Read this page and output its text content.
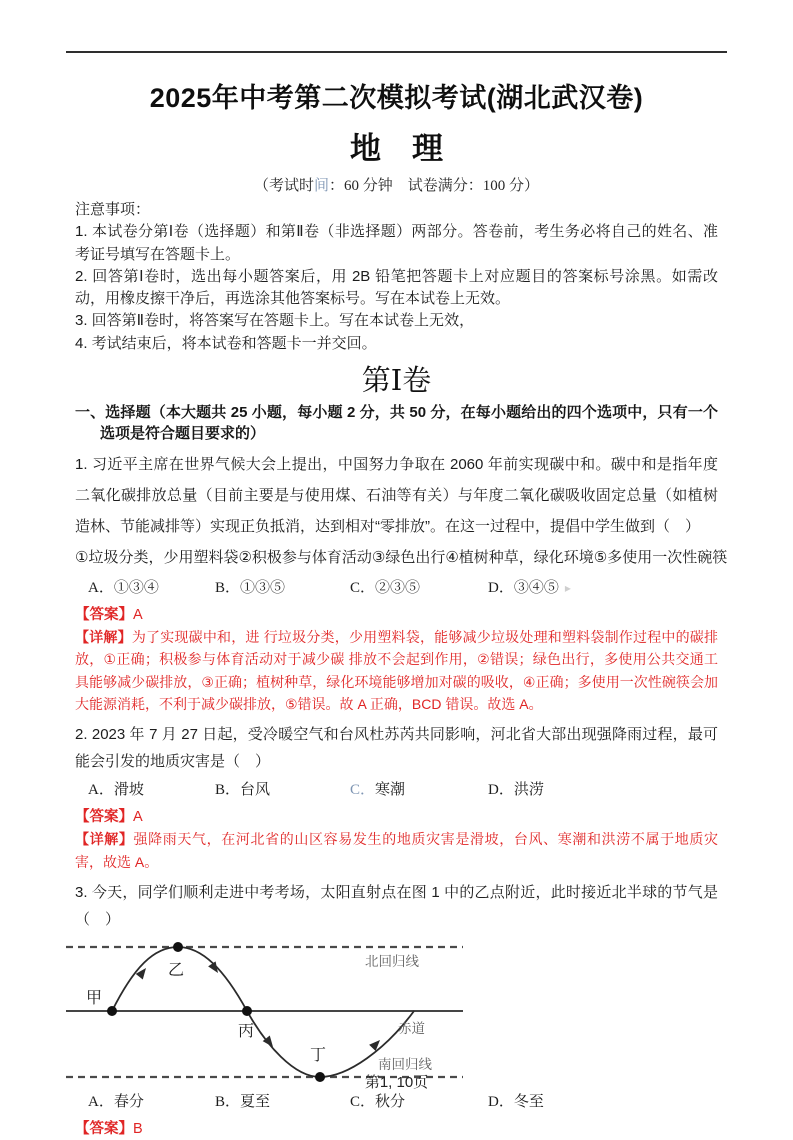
2025年中考第二次模拟考试(湖北武汉卷)
地　理
（考试时间：60 分钟　试卷满分：100 分）
注意事项：
1. 本试卷分第Ⅰ卷（选择题）和第Ⅱ卷（非选择题）两部分。答卷前，考生务必将自己的姓名、准考证号填写在答题卡上。
2. 回答第Ⅰ卷时，选出每小题答案后，用 2B 铅笔把答题卡上对应题目的答案标号涂黑。如需改动，用橡皮擦干净后，再选涂其他答案标号。写在本试卷上无效。
3. 回答第Ⅱ卷时，将答案写在答题卡上。写在本试卷上无效，
4. 考试结束后，将本试卷和答题卡一并交回。
第Ⅰ卷
一、选择题（本大题共 25 小题，每小题 2 分，共 50 分，在每小题给出的四个选项中，只有一个选项是符合题目要求的）
1. 习近平主席在世界气候大会上提出，中国努力争取在 2060 年前实现碳中和。碳中和是指年度二氧化碳排放总量（目前主要是与使用煤、石油等有关）与年度二氧化碳吸收固定总量（如植树造林、节能减排等）实现正负抵消，达到相对“零排放”。在这一过程中，提倡中学生做到（　）
①垃圾分类，少用塑料袋②积极参与体育活动③绿色出行④植树种草，绿化环境⑤多使用一次性碗筷
A．①③④	B．①③⑤	C．②③⑤	D．③④⑤ ▸
【答案】A
【详解】为了实现碳中和，进 行垃圾分类，少用塑料袋，能够减少垃圾处理和塑料袋制作过程中的碳排放，①正确；积极参与体育活动对于减少碳 排放不会起到作用，②错误；绿色出行，多使用公共交通工具能够减少碳排放，③正确；植树种草，绿化环境能够增加对碳的吸收，④正确；多使用一次性碗筷会加大能源消耗，不利于减少碳排放，⑤错误。故 A 正确，BCD 错误。故选 A。
2. 2023 年 7 月 27 日起，受冷暖空气和台风杜苏芮共同影响，河北省大部出现强降雨过程，最可能会引发的地质灾害是（　）
A．滑坡	B．台风	C．寒潮	D．洪涝
【答案】A
【详解】强降雨天气，在河北省的山区容易发生的地质灾害是滑坡，台风、寒潮和洪涝不属于地质灾害，故选 A。
3. 今天，同学们顺利走进中考考场，太阳直射点在图 1 中的乙点附近，此时接近北半球的节气是（　）
甲
乙
丙
丁
北回归线
赤道
南回归线
A．春分	B．夏至	C．秋分	D．冬至
【答案】B
第1, 10页
